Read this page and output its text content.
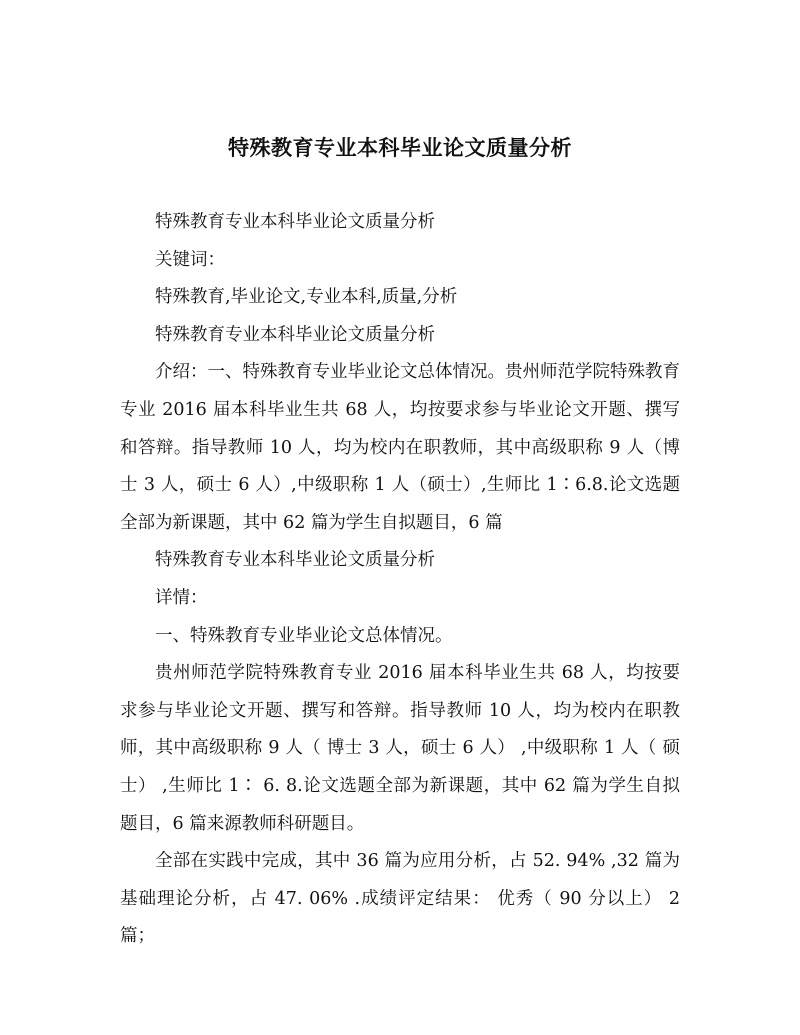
特殊教育专业本科毕业论文质量分析

特殊教育专业本科毕业论文质量分析

关键词：

特殊教育,毕业论文,专业本科,质量,分析

特殊教育专业本科毕业论文质量分析

介绍：一、特殊教育专业毕业论文总体情况。贵州师范学院特殊教育专业 2016 届本科毕业生共 68 人，均按要求参与毕业论文开题、撰写和答辩。指导教师 10 人，均为校内在职教师，其中高级职称 9 人（博士 3 人，硕士 6 人）,中级职称 1 人（硕士）,生师比 1∶6.8.论文选题全部为新课题，其中 62 篇为学生自拟题目，6 篇

特殊教育专业本科毕业论文质量分析

详情：

一、特殊教育专业毕业论文总体情况。

贵州师范学院特殊教育专业 2016 届本科毕业生共 68 人，均按要求参与毕业论文开题、撰写和答辩。指导教师 10 人，均为校内在职教师，其中高级职称 9 人（ 博士 3 人，硕士 6 人） ,中级职称 1 人（ 硕士） ,生师比 1∶ 6. 8.论文选题全部为新课题，其中 62 篇为学生自拟题目，6 篇来源教师科研题目。

全部在实践中完成，其中 36 篇为应用分析，占 52. 94% ,32 篇为基础理论分析，占 47. 06% .成绩评定结果： 优秀（ 90 分以上） 2 篇；
